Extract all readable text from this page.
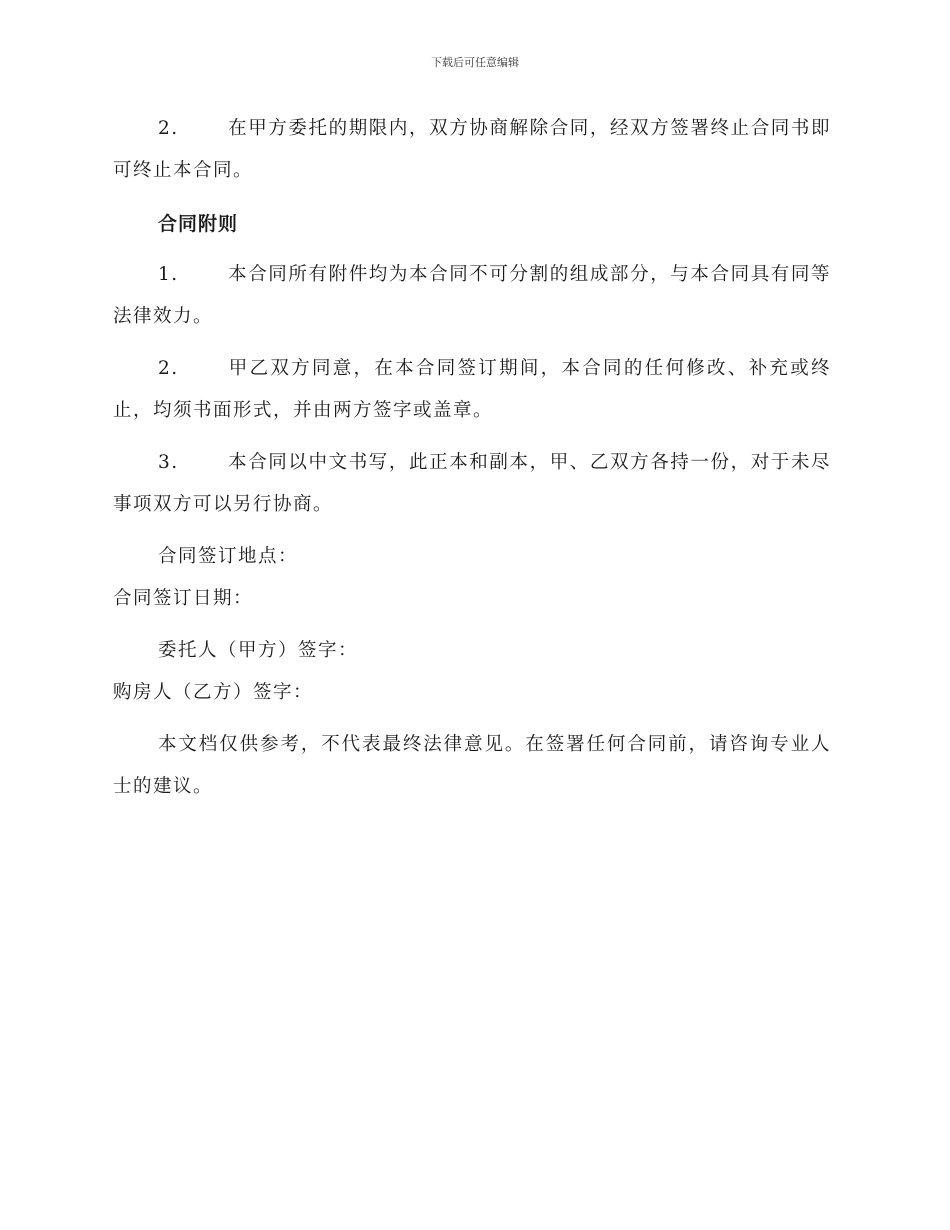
下载后可任意编辑

2.	在甲方委托的期限内，双方协商解除合同，经双方签署终止合同书即可终止本合同。

合同附则

1.	本合同所有附件均为本合同不可分割的组成部分，与本合同具有同等法律效力。

2.	甲乙双方同意，在本合同签订期间，本合同的任何修改、补充或终止，均须书面形式，并由两方签字或盖章。

3.	本合同以中文书写，此正本和副本，甲、乙双方各持一份，对于未尽事项双方可以另行协商。

合同签订地点：

合同签订日期：

委托人（甲方）签字：

购房人（乙方）签字：

本文档仅供参考，不代表最终法律意见。在签署任何合同前，请咨询专业人士的建议。
